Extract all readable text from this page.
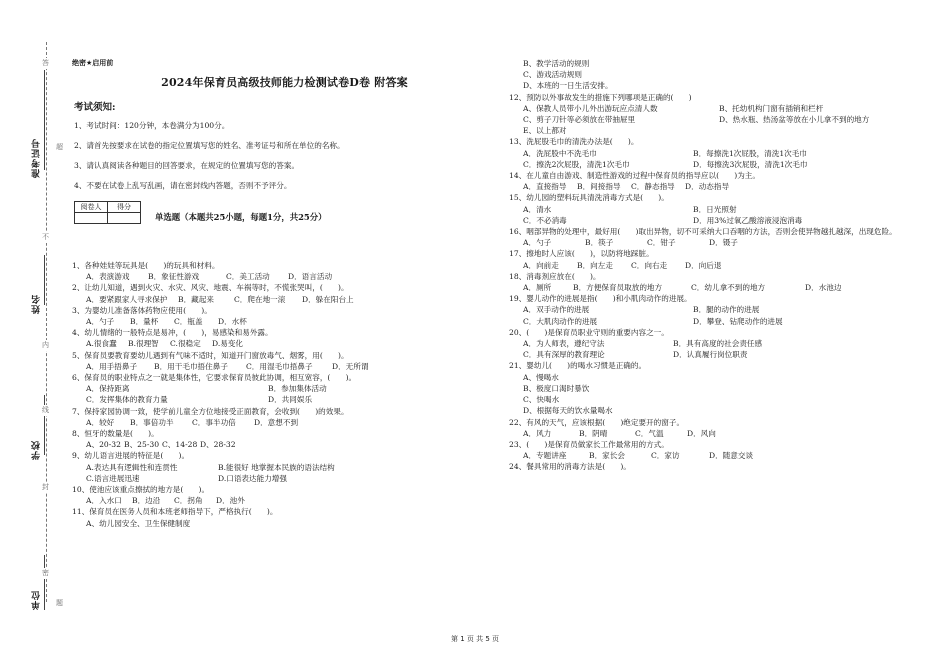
准考证号
姓名
学校
单位
答
不
内
线
封
密
题
超
绝密★启用前
2024年保育员高级技师能力检测试卷D卷 附答案
考试须知:
1、考试时间：120分钟，本卷满分为100分。
2、请首先按要求在试卷的指定位置填写您的姓名、准考证号和所在单位的名称。
3、请认真阅读各种题目的回答要求，在规定的位置填写您的答案。
4、不要在试卷上乱写乱画，请在密封线内答题，否则不予评分。
阅卷人	得分

单选题（本题共25小题，每题1分，共25分）
1、各种娃娃等玩具是(　　)的玩具和材料。
A．表演游戏 B．象征性游戏	C．美工活动 D．语言活动
2、让幼儿知道，遇到火灾、水灾、风灾、地震、车祸等时，不慌张哭叫，(　　)。
A．要紧跟家人寻求保护 B．藏起来	C．爬在地一滚 D．躲在阳台上
3、为婴幼儿准备落体药物应使用(　　)。
A．勺子 B．量杯 C．瓶盖 D．水杯
4、幼儿情绪的一般特点是易冲，(　　)，易感染和易外露。
A.很食蠢 B.很理智 C.很稳定 D.易变化
5、保育员要教育要幼儿遇到有气味不适时，知道开门窗放毒气、烟雾，用(　　)。
A．用手捂鼻子 B．用干毛巾捂住鼻子 C．用湿毛巾捂鼻子	D．无所谓
6、保育员的职业特点之一就是集体性，它要求保育员彼此协调，相互宽容，(　　)。
A．保持距离	B．参加集体活动
C．发挥集体的教育力量	D．共同娱乐
7、保持家园协调一致，使学前儿童全方位地接受正面教育，会收到(　　)的效果。
A．较好 B．事倍功半 C．事半功倍 D．意想不到
8、恒牙的数量是(　　)。
A、20-32 B、25-30 C、14-28 D、28-32
9、幼儿语言进展的特征是(　　)。
A.表达具有逻辑性和连贯性	B.能很好 地掌握本民族的语法结构
C.语言进展迅速	D.口语表达能力增强
10、使池应该重点擦拭的地方是(　　)。
A．入水口 B．边沿 C．拐角 D．池外
11、保育员在医务人员和本班老师指导下，严格执行(　　)。
A、幼儿园安全、卫生保健制度
B、教学活动的规则
C、游戏活动规则
D、本班的一日生活安排。
12、预防以外事故发生的措施下列哪项是正确的(　　)
A、保教人员带小儿外出游玩应点清人数	B、托幼机构门窗有插销和栏杆
C、剪子刀针等必须放在带抽屉里	D、热水瓶、热汤盆等放在小儿拿不到的地方
E、以上都对
13、洗屁股毛巾的清洗办法是(　　)。
A．洗屁股中不洗毛巾	B．每擦洗1次屁股，清洗1次毛巾
C．擦洗2次屁股，清洗1次毛巾	D．每擦洗3次屁股，清洗1次毛巾
14、在儿童自由游戏、制造性游戏的过程中保育员的指导应以(　　)为主。
A．直接指导 B．间接指导 C．静态指导 D．动态指导
15、幼儿园的塑料玩具清洗消毒方式是(　　)。
A．清水	B．日光照射
C．不必消毒	D．用3%过氧乙酸溶液浸泡消毒
16、咽部异物的处理中，最好用(　　)取出异物，切不可采纳大口吞咽的方法，否则会使异物越扎越深，出现危险。
A．勺子	B．筷子	C．钳子	D．镊子
17、擦地时人应该(　　)，以防将地踩脏。
A．向前走 B．向左走 C．向右走 D．向后退
18、消毒剂应放在(　　)。
A．厕所	B．方便保育员取放的地方	C．幼儿拿不到的地方	D．水池边
19、婴儿动作的进展是指(　　)和小肌肉动作的进展。
A．双手动作的进展	B．腿的动作的进展
C．大肌肉动作的进展	D．攀登、钻爬动作的进展
20、(　　)是保育员职业守则的重要内容之一。
A．为人师表，遵纪守法	B．具有高度的社会责任感
C．具有深厚的教育理论	D．认真履行岗位职责
21、婴幼儿(　　)的喝水习惯是正确的。
A、慢喝水
B、极度口渴时暴饮
C、快喝水
D、根据每天的饮水量喝水
22、有风的天气，应该根据(　　)绝定要开的窗子。
A．风力	B．阴晴	C．气温	D．风向
23、(　　)是保育员做家长工作最常用的方式。
A．专题讲座	B．家长会	C．家访	D．随意交谈
24、餐具常用的消毒方法是(　　)。
第 1 页 共 5 页
